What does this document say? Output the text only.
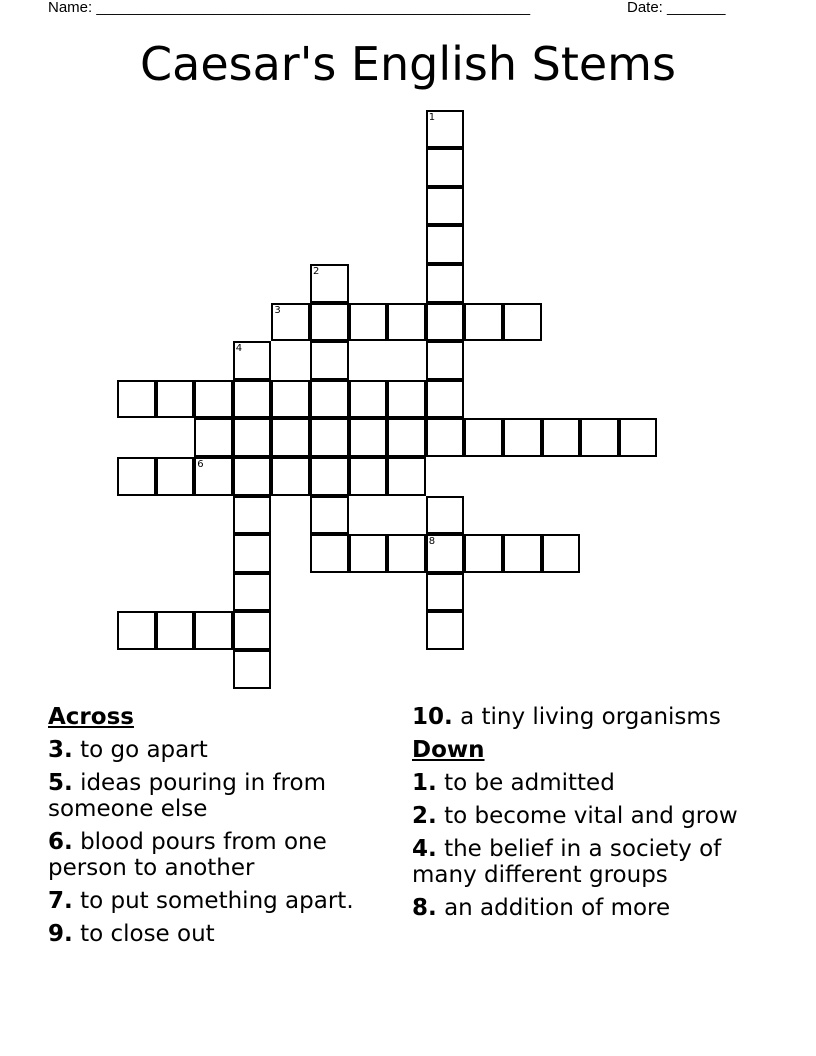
Name: ____________________________________________________	Date: _______
Caesar's English Stems
1
2
3
4
6
8
Across
3. to go apart
5. ideas pouring in from someone else
6. blood pours from one person to another
7. to put something apart.
9. to close out
10. a tiny living organisms
Down
1. to be admitted
2. to become vital and grow
4. the belief in a society of many different groups
8. an addition of more
